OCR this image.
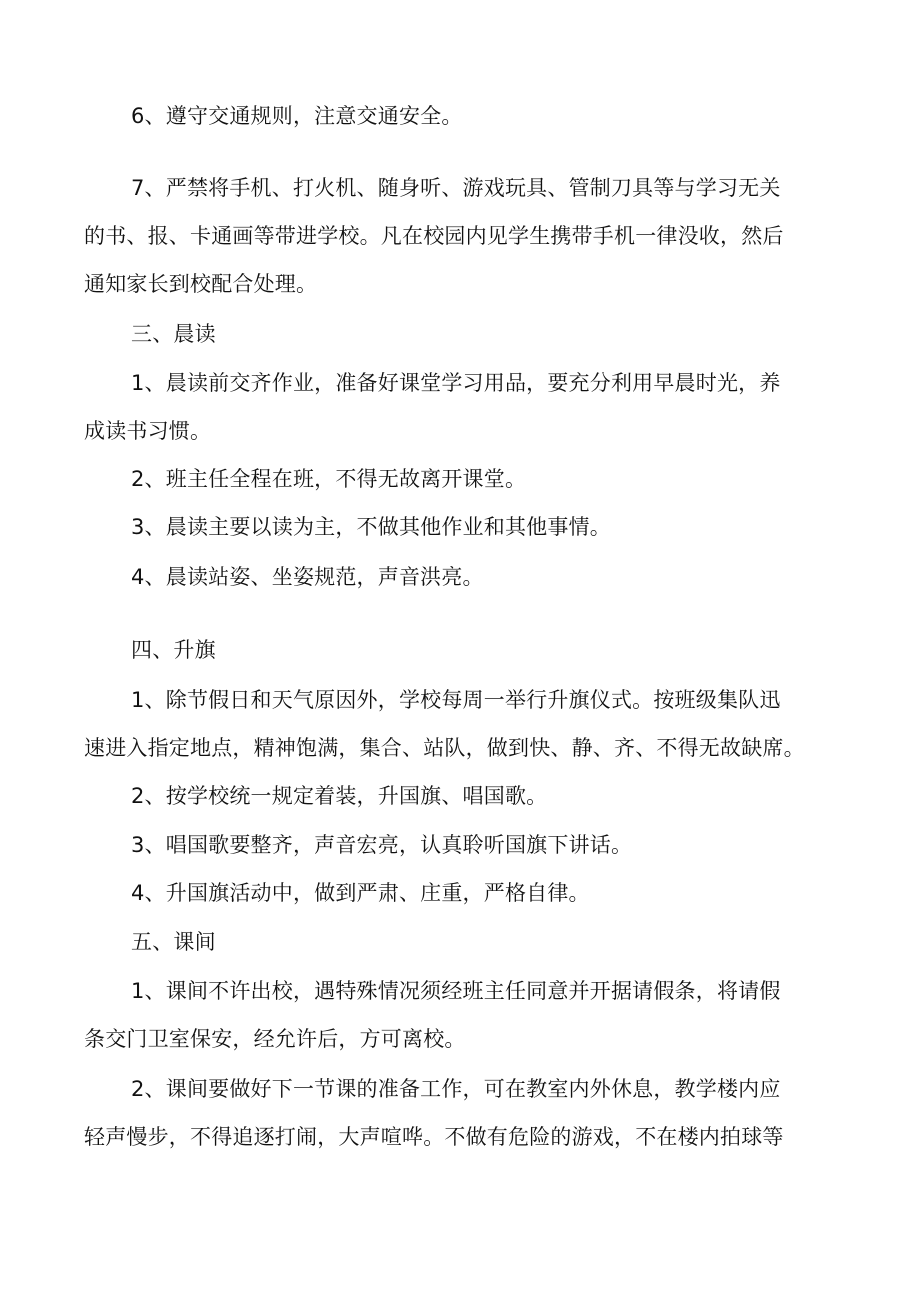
6、遵守交通规则，注意交通安全。

7、严禁将手机、打火机、随身听、游戏玩具、管制刀具等与学习无关

的书、报、卡通画等带进学校。凡在校园内见学生携带手机一律没收，然后

通知家长到校配合处理。

三、晨读

1、晨读前交齐作业，准备好课堂学习用品，要充分利用早晨时光，养

成读书习惯。

2、班主任全程在班，不得无故离开课堂。

3、晨读主要以读为主，不做其他作业和其他事情。

4、晨读站姿、坐姿规范，声音洪亮。

四、升旗

1、除节假日和天气原因外，学校每周一举行升旗仪式。按班级集队迅

速进入指定地点，精神饱满，集合、站队，做到快、静、齐、不得无故缺席。

2、按学校统一规定着装，升国旗、唱国歌。

3、唱国歌要整齐，声音宏亮，认真聆听国旗下讲话。

4、升国旗活动中，做到严肃、庄重，严格自律。

五、课间

1、课间不许出校，遇特殊情况须经班主任同意并开据请假条，将请假

条交门卫室保安，经允许后，方可离校。

2、课间要做好下一节课的准备工作，可在教室内外休息，教学楼内应

轻声慢步，不得追逐打闹，大声喧哗。不做有危险的游戏，不在楼内拍球等
